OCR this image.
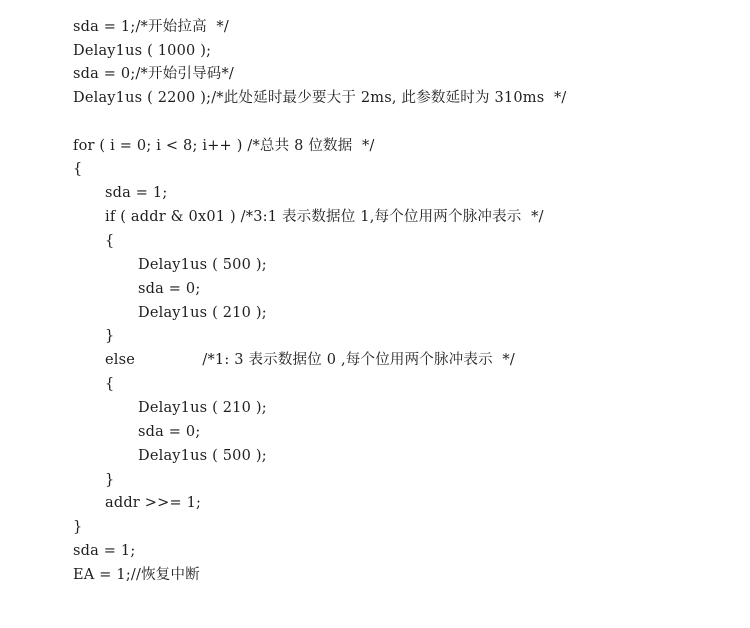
sda = 1;/*开始拉高  */
Delay1us ( 1000 );
sda = 0;/*开始引导码*/
Delay1us ( 2200 );/*此处延时最少要大于 2ms, 此参数延时为 310ms  */
for ( i = 0; i < 8; i++ ) /*总共 8 位数据  */
{
sda = 1;
if ( addr & 0x01 ) /*3:1 表示数据位 1,每个位用两个脉冲表示  */
{
Delay1us ( 500 );
sda = 0;
Delay1us ( 210 );
}
else              /*1: 3 表示数据位 0 ,每个位用两个脉冲表示  */
{
Delay1us ( 210 );
sda = 0;
Delay1us ( 500 );
}
addr >>= 1;
}
sda = 1;
EA = 1;//恢复中断
